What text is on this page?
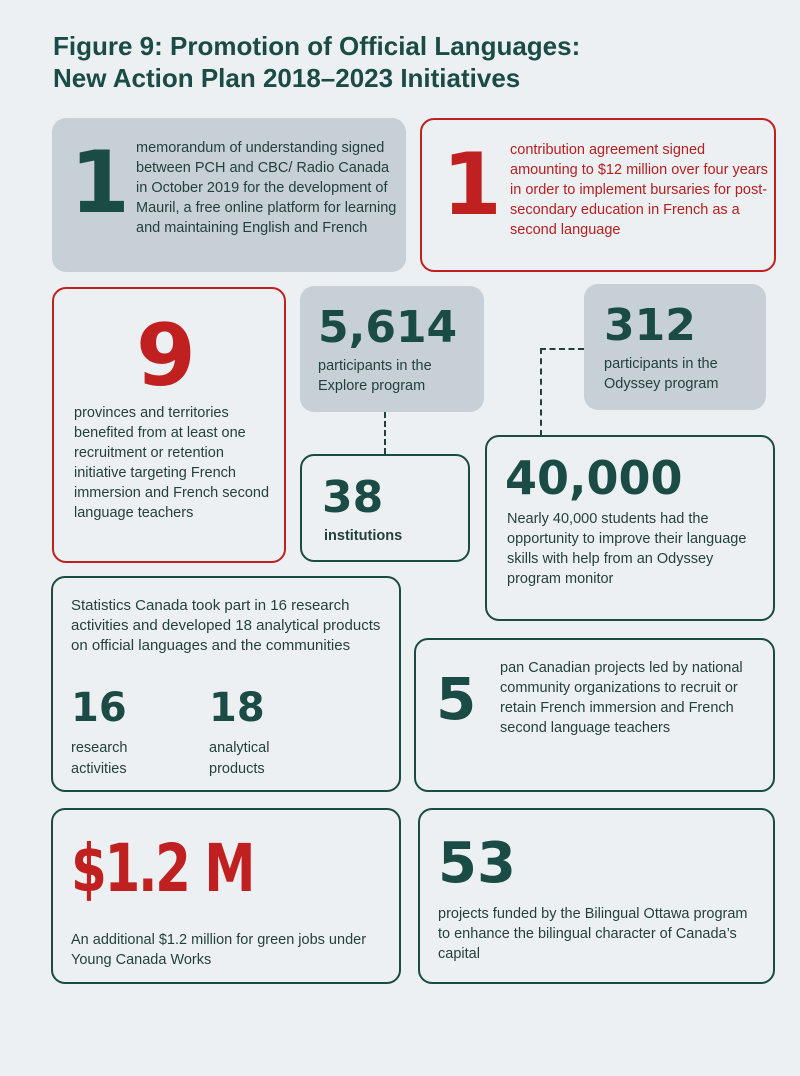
Figure 9: Promotion of Official Languages:
New Action Plan 2018–2023 Initiatives
1 memorandum of understanding signed between PCH and CBC/ Radio Canada in October 2019 for the development of Mauril, a free online platform for learning and maintaining English and French 1 contribution agreement signed amounting to $12 million over four years in order to implement bursaries for post-secondary education in French as a second language
9
provinces and territories benefited from at least one recruitment or retention initiative targeting French immersion and French second language teachers
5,614
participants in the Explore program
38
institutions
312
participants in the Odyssey program
40,000
Nearly 40,000 students had the opportunity to improve their language skills with help from an Odyssey program monitor
Statistics Canada took part in 16 research activities and developed 18 analytical products on official languages and the communities
16
research
activities
18
analytical
products
5 pan Canadian projects led by national community organizations to recruit or retain French immersion and French second language teachers
$1.2 M
An additional $1.2 million for green jobs under Young Canada Works
53
projects funded by the Bilingual Ottawa program to enhance the bilingual character of Canada’s capital
